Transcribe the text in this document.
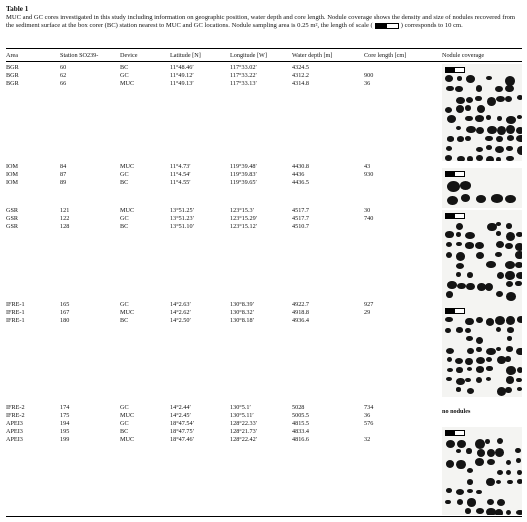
Table 1
MUC and GC cores investigated in this study including information on geographic position, water depth and core length. Nodule coverage shows the density and size of nodules recovered from the sediment surface at the box corer (BC) station nearest to MUC and GC locations. Nodule sampling area is 0.25 m², the length of scale (	) corresponds to 10 cm.
Area	Station SO239-	Device	Latitude [N]	Longitude [W]	Water depth [m]	Core length [cm]	Nodule coverage
BGR	60	BC	11°48.46′	117°33.02′	4324.5
BGR	62	GC	11°49.12′	117°33.22′	4312.2	900
BGR	66	MUC	11°49.13′	117°33.13′	4314.8	36
IOM	84	MUC	11°4.73′	119°39.48′	4430.8	43
IOM	87	GC	11°4.54′	119°39.83′	4436	930
IOM	89	BC	11°4.55′	119°39.65′	4436.5
GSR	121	MUC	13°51.25′	123°15.3′	4517.7	30
GSR	122	GC	13°51.23′	123°15.29′	4517.7	740
GSR	128	BC	13°51.10′	123°15.12′	4510.7
IFRE-1	165	GC	14°2.63′	130°8.39′	4922.7	927
IFRE-1	167	MUC	14°2.62′	130°8.32′	4918.8	29
IFRE-1	180	BC	14°2.50′	130°8.18′	4936.4
IFRE-2	174	GC	14°2.44′	130°5.1′	5028	734
IFRE-2	175	MUC	14°2.45′	130°5.11′	5005.5	36
APEI3	194	GC	18°47.54′	128°22.33′	4815.5	576
APEI3	195	BC	18°47.75′	128°21.73′	4833.4
APEI3	199	MUC	18°47.46′	128°22.42′	4816.6	32
no nodules
